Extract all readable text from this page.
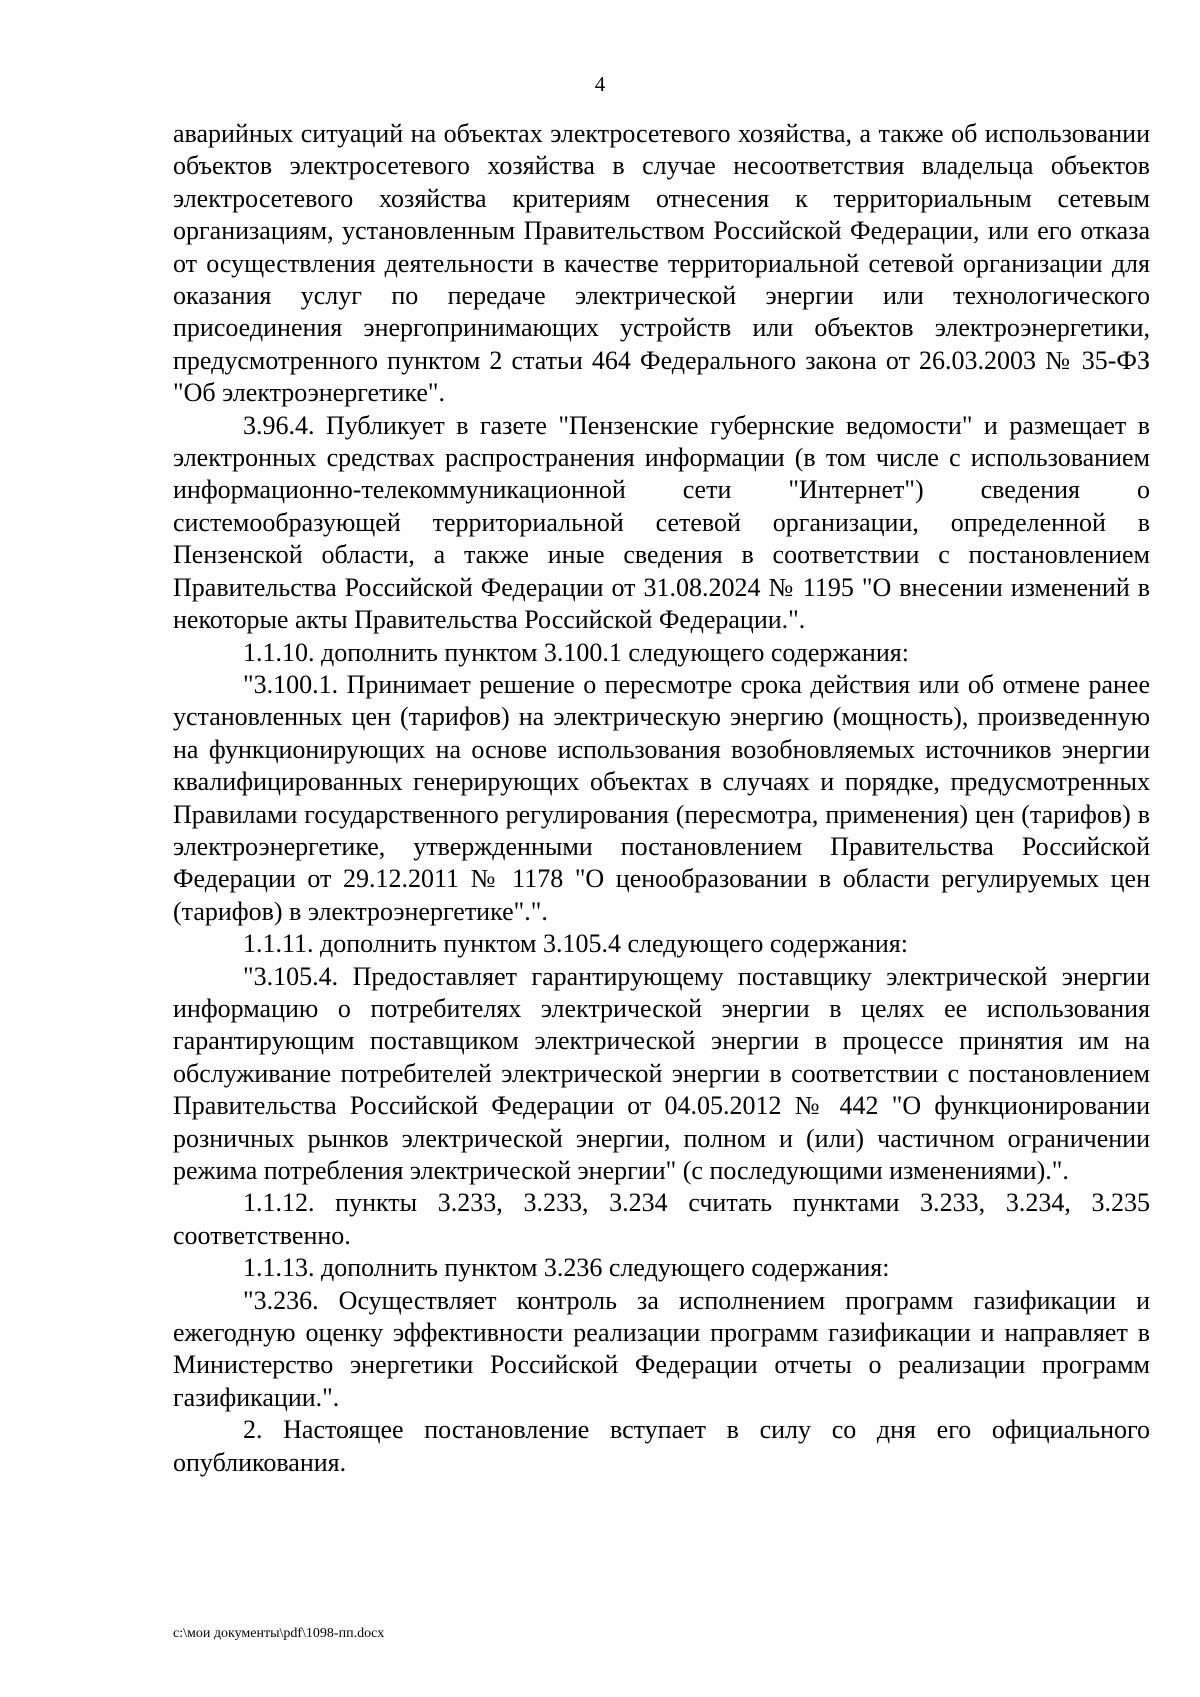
4

аварийных ситуаций на объектах электросетевого хозяйства, а также об использовании объектов электросетевого хозяйства в случае несоответствия владельца объектов электросетевого хозяйства критериям отнесения к территориальным сетевым организациям, установленным Правительством Российской Федерации, или его отказа от осуществления деятельности в качестве территориальной сетевой организации для оказания услуг по передаче электрической энергии или технологического присоединения энергопринимающих устройств или объектов электроэнергетики, предусмотренного пунктом 2 статьи 464 Федерального закона от 26.03.2003 № 35-ФЗ "Об электроэнергетике".

3.96.4. Публикует в газете "Пензенские губернские ведомости" и размещает в электронных средствах распространения информации (в том числе с использованием информационно-телекоммуникационной сети "Интернет") сведения о системообразующей территориальной сетевой организации, определенной в Пензенской области, а также иные сведения в соответствии с постановлением Правительства Российской Федерации от 31.08.2024 № 1195 "О внесении изменений в некоторые акты Правительства Российской Федерации.".

1.1.10. дополнить пунктом 3.100.1 следующего содержания:

"3.100.1. Принимает решение о пересмотре срока действия или об отмене ранее установленных цен (тарифов) на электрическую энергию (мощность), произведенную на функционирующих на основе использования возобновляемых источников энергии квалифицированных генерирующих объектах в случаях и порядке, предусмотренных Правилами государственного регулирования (пересмотра, применения) цен (тарифов) в электроэнергетике, утвержденными постановлением Правительства Российской Федерации от 29.12.2011 № 1178 "О ценообразовании в области регулируемых цен (тарифов) в электроэнергетике".".

1.1.11. дополнить пунктом 3.105.4 следующего содержания:

"3.105.4. Предоставляет гарантирующему поставщику электрической энергии информацию о потребителях электрической энергии в целях ее использования гарантирующим поставщиком электрической энергии в процессе принятия им на обслуживание потребителей электрической энергии в соответствии с постановлением Правительства Российской Федерации от 04.05.2012 № 442 "О функционировании розничных рынков электрической энергии, полном и (или) частичном ограничении режима потребления электрической энергии" (с последующими изменениями).".

1.1.12. пункты 3.233, 3.233, 3.234 считать пунктами 3.233, 3.234, 3.235 соответственно.

1.1.13. дополнить пунктом 3.236 следующего содержания:

"3.236. Осуществляет контроль за исполнением программ газификации и ежегодную оценку эффективности реализации программ газификации и направляет в Министерство энергетики Российской Федерации отчеты о реализации программ газификации.".

2. Настоящее постановление вступает в силу со дня его официального опубликования.

c:\мои документы\pdf\1098-пп.docx
